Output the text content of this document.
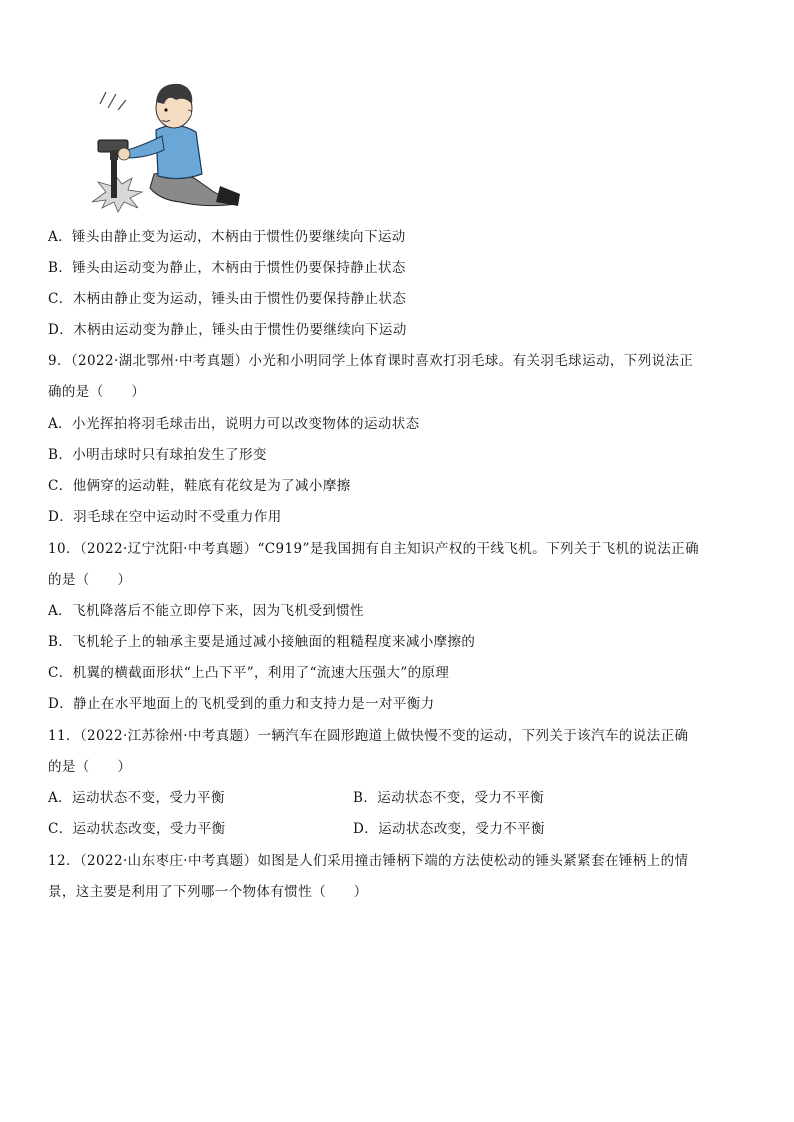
A．锤头由静止变为运动，木柄由于惯性仍要继续向下运动
B．锤头由运动变为静止，木柄由于惯性仍要保持静止状态
C．木柄由静止变为运动，锤头由于惯性仍要保持静止状态
D．木柄由运动变为静止，锤头由于惯性仍要继续向下运动
9．（2022·湖北鄂州·中考真题）小光和小明同学上体育课时喜欢打羽毛球。有关羽毛球运动，下列说法正
确的是（　　）
A．小光挥拍将羽毛球击出，说明力可以改变物体的运动状态
B．小明击球时只有球拍发生了形变
C．他俩穿的运动鞋，鞋底有花纹是为了减小摩擦
D．羽毛球在空中运动时不受重力作用
10．（2022·辽宁沈阳·中考真题）“C919”是我国拥有自主知识产权的干线飞机。下列关于飞机的说法正确
的是（　　）
A．飞机降落后不能立即停下来，因为飞机受到惯性
B．飞机轮子上的轴承主要是通过减小接触面的粗糙程度来减小摩擦的
C．机翼的横截面形状“上凸下平”，利用了“流速大压强大”的原理
D．静止在水平地面上的飞机受到的重力和支持力是一对平衡力
11．（2022·江苏徐州·中考真题）一辆汽车在圆形跑道上做快慢不变的运动，下列关于该汽车的说法正确
的是（　　）
A．运动状态不变，受力平衡	B．运动状态不变，受力不平衡
C．运动状态改变，受力平衡	D．运动状态改变，受力不平衡
12．（2022·山东枣庄·中考真题）如图是人们采用撞击锤柄下端的方法使松动的锤头紧紧套在锤柄上的情
景，这主要是利用了下列哪一个物体有惯性（　　）
